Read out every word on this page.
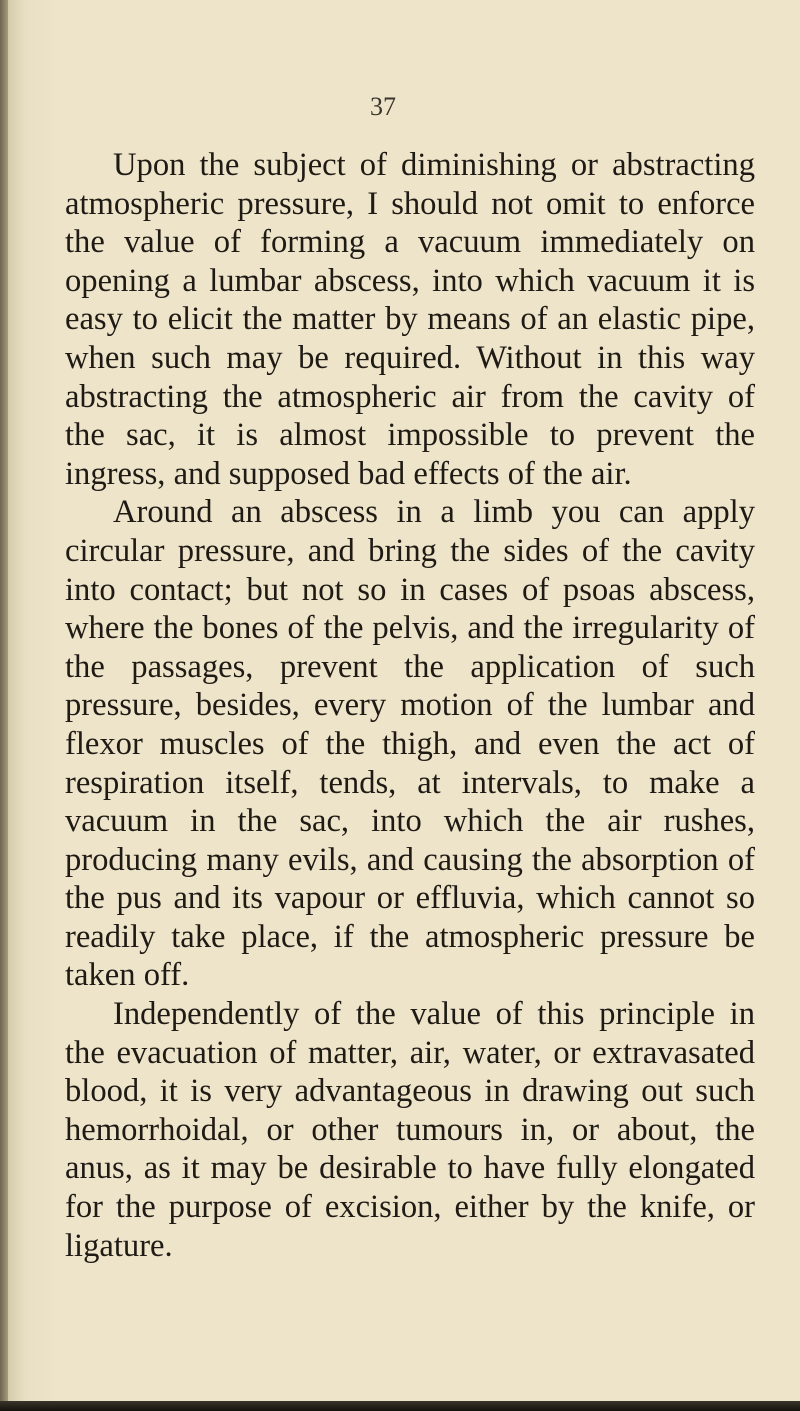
37

Upon the subject of diminishing or abstracting atmospheric pressure, I should not omit to enforce the value of forming a vacuum immediately on opening a lumbar abscess, into which vacuum it is easy to elicit the matter by means of an elastic pipe, when such may be required. Without in this way abstracting the atmospheric air from the cavity of the sac, it is almost impossible to prevent the ingress, and supposed bad effects of the air.

Around an abscess in a limb you can apply circular pressure, and bring the sides of the cavity into contact; but not so in cases of psoas abscess, where the bones of the pelvis, and the irregularity of the passages, prevent the application of such pressure, besides, every motion of the lumbar and flexor muscles of the thigh, and even the act of respiration itself, tends, at intervals, to make a vacuum in the sac, into which the air rushes, producing many evils, and causing the absorption of the pus and its vapour or effluvia, which cannot so readily take place, if the atmospheric pressure be taken off.

Independently of the value of this principle in the evacuation of matter, air, water, or extravasated blood, it is very advantageous in drawing out such hemorrhoidal, or other tumours in, or about, the anus, as it may be desirable to have fully elongated for the purpose of excision, either by the knife, or ligature.
